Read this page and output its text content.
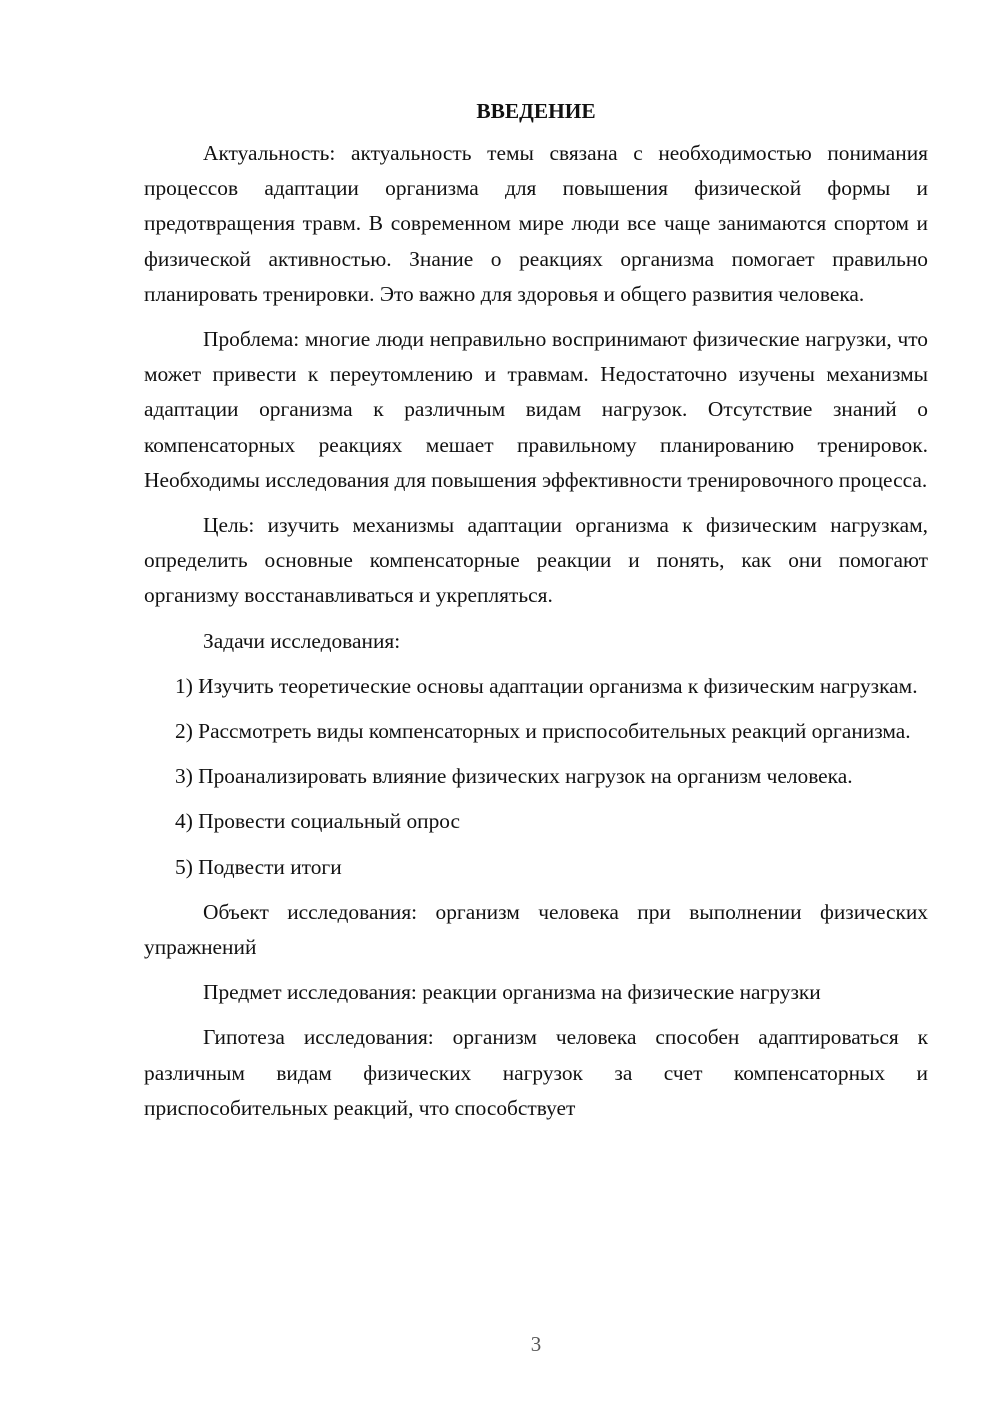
ВВЕДЕНИЕ

Актуальность: актуальность темы связана с необходимостью понимания процессов адаптации организма для повышения физической формы и предотвращения травм. В современном мире люди все чаще занимаются спортом и физической активностью. Знание о реакциях организма помогает правильно планировать тренировки. Это важно для здоровья и общего развития человека.

Проблема: многие люди неправильно воспринимают физические нагрузки, что может привести к переутомлению и травмам. Недостаточно изучены механизмы адаптации организма к различным видам нагрузок. Отсутствие знаний о компенсаторных реакциях мешает правильному планированию тренировок. Необходимы исследования для повышения эффективности тренировочного процесса.

Цель: изучить механизмы адаптации организма к физическим нагрузкам, определить основные компенсаторные реакции и понять, как они помогают организму восстанавливаться и укрепляться.

Задачи исследования:

1) Изучить теоретические основы адаптации организма к физическим нагрузкам.

2) Рассмотреть виды компенсаторных и приспособительных реакций организма.

3) Проанализировать влияние физических нагрузок на организм человека.

4) Провести социальный опрос

5) Подвести итоги

Объект исследования: организм человека при выполнении физических упражнений

Предмет исследования: реакции организма на физические нагрузки

Гипотеза исследования: организм человека способен адаптироваться к различным видам физических нагрузок за счет компенсаторных и приспособительных реакций, что способствует

3
